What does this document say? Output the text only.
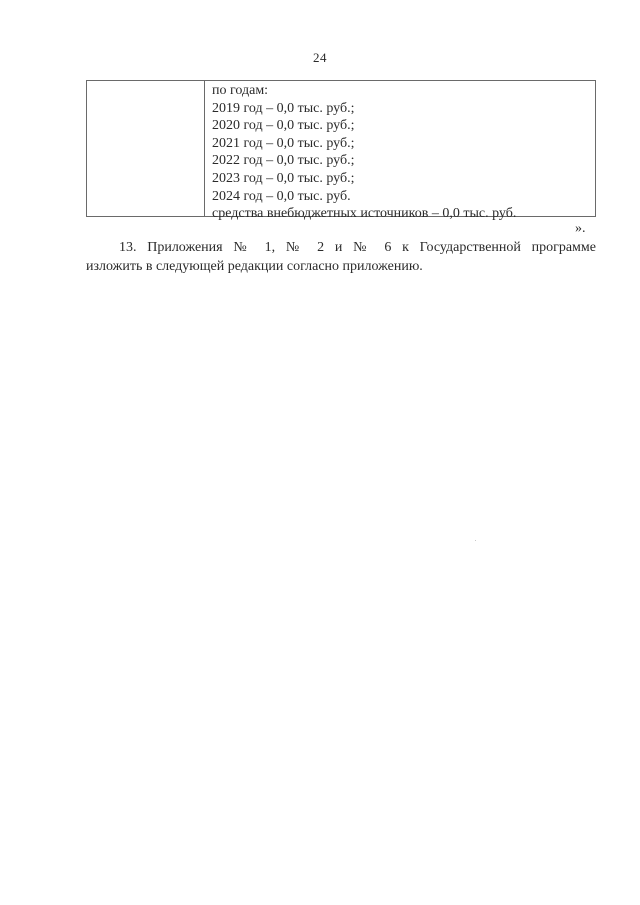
24
по годам:
2019 год – 0,0 тыс. руб.;
2020 год – 0,0 тыс. руб.;
2021 год – 0,0 тыс. руб.;
2022 год – 0,0 тыс. руб.;
2023 год – 0,0 тыс. руб.;
2024 год – 0,0 тыс. руб.
средства внебюджетных источников – 0,0 тыс. руб.
».
13. Приложения № 1, № 2 и № 6 к Государственной программе
изложить в следующей редакции согласно приложению.
